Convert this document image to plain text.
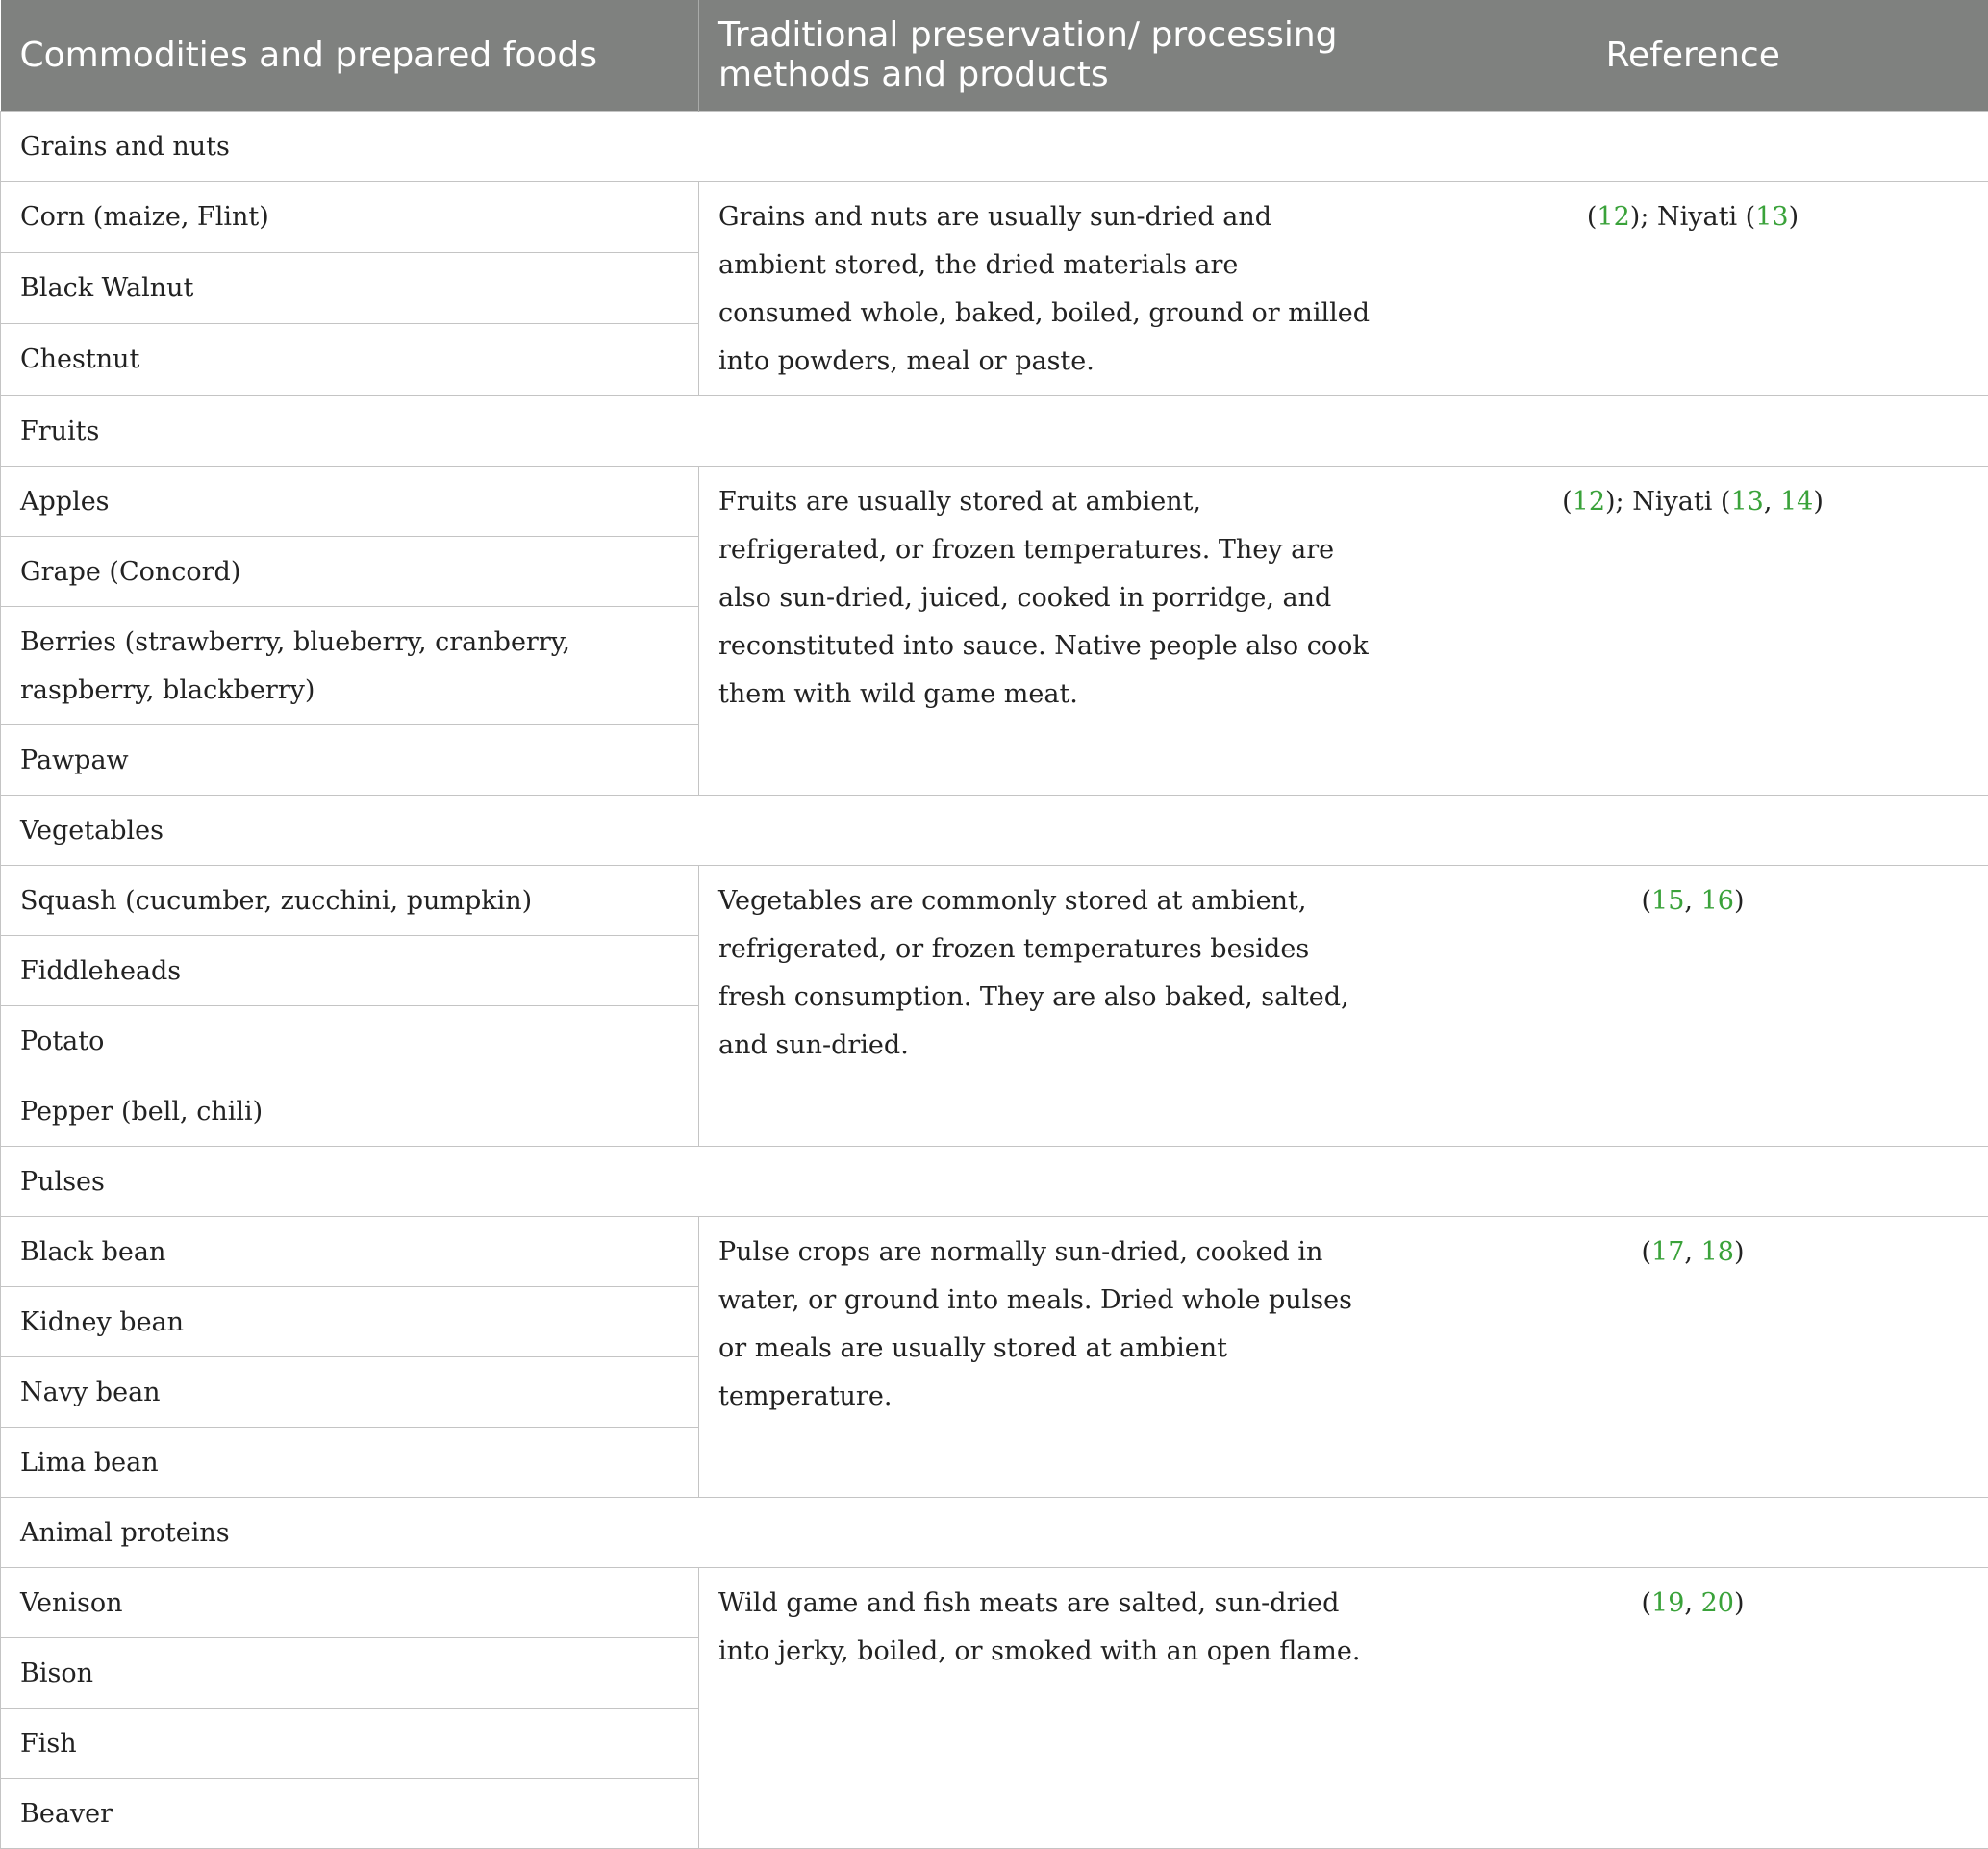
Commodities and prepared foods	Traditional preservation/ processing methods and products	Reference
Grains and nuts		
Corn (maize, Flint)	Grains and nuts are usually sun-dried and ambient stored, the dried materials are consumed whole, baked, boiled, ground or milled into powders, meal or paste.	(12); Niyati (13)
Black Walnut		
Chestnut		
Fruits		
Apples	Fruits are usually stored at ambient, refrigerated, or frozen temperatures. They are also sun-dried, juiced, cooked in porridge, and reconstituted into sauce. Native people also cook them with wild game meat.	(12); Niyati (13, 14)
Grape (Concord)		
Berries (strawberry, blueberry, cranberry, raspberry, blackberry)		
Pawpaw		
Vegetables		
Squash (cucumber, zucchini, pumpkin)	Vegetables are commonly stored at ambient, refrigerated, or frozen temperatures besides fresh consumption. They are also baked, salted, and sun-dried.	(15, 16)
Fiddleheads		
Potato		
Pepper (bell, chili)		
Pulses		
Black bean	Pulse crops are normally sun-dried, cooked in water, or ground into meals. Dried whole pulses or meals are usually stored at ambient temperature.	(17, 18)
Kidney bean		
Navy bean		
Lima bean		
Animal proteins		
Venison	Wild game and fish meats are salted, sun-dried into jerky, boiled, or smoked with an open flame.	(19, 20)
Bison		
Fish		
Beaver		
